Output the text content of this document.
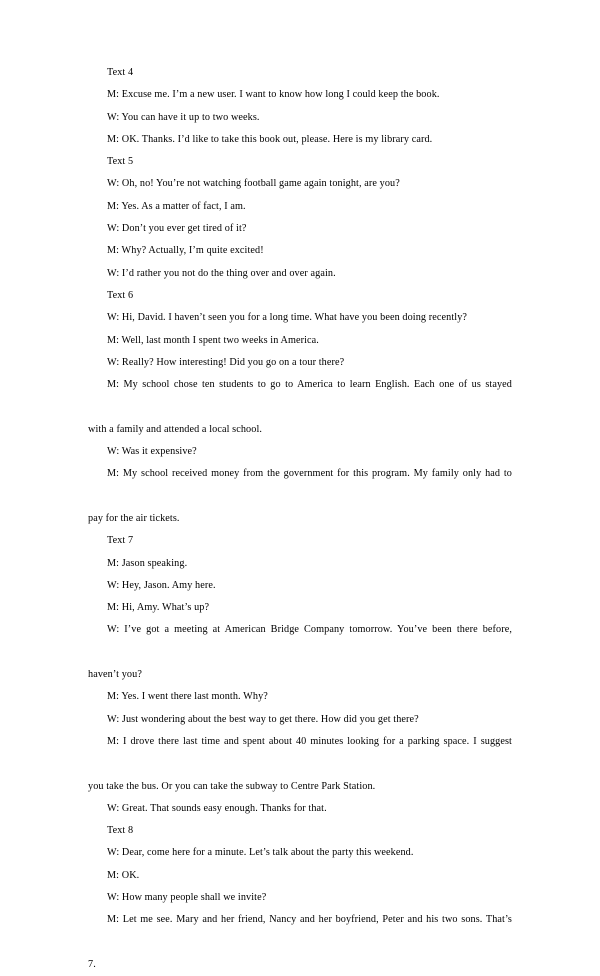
Text 4

M: Excuse me. I’m a new user. I want to know how long I could keep the book.

W: You can have it up to two weeks.

M: OK. Thanks. I’d like to take this book out, please. Here is my library card.

Text 5

W: Oh, no! You’re not watching football game again tonight, are you?

M: Yes. As a matter of fact, I am.

W: Don’t you ever get tired of it?

M: Why? Actually, I’m quite excited!

W: I’d rather you not do the thing over and over again.

Text 6

W: Hi, David. I haven’t seen you for a long time. What have you been doing recently?

M: Well, last month I spent two weeks in America.

W: Really? How interesting! Did you go on a tour there?

M: My school chose ten students to go to America to learn English. Each one of us stayed

with a family and attended a local school.

W: Was it expensive?

M: My school received money from the government for this program. My family only had to

pay for the air tickets.

Text 7

M: Jason speaking.

W: Hey, Jason. Amy here.

M: Hi, Amy. What’s up?

W: I’ve got a meeting at American Bridge Company tomorrow. You’ve been there before,

haven’t you?

M: Yes. I went there last month. Why?

W: Just wondering about the best way to get there. How did you get there?

M: I drove there last time and spent about 40 minutes looking for a parking space. I suggest

you take the bus. Or you can take the subway to Centre Park Station.

W: Great. That sounds easy enough. Thanks for that.

Text 8

W: Dear, come here for a minute. Let’s talk about the party this weekend.

M: OK.

W: How many people shall we invite?

M: Let me see. Mary and her friend, Nancy and her boyfriend, Peter and his two sons. That’s

7.
